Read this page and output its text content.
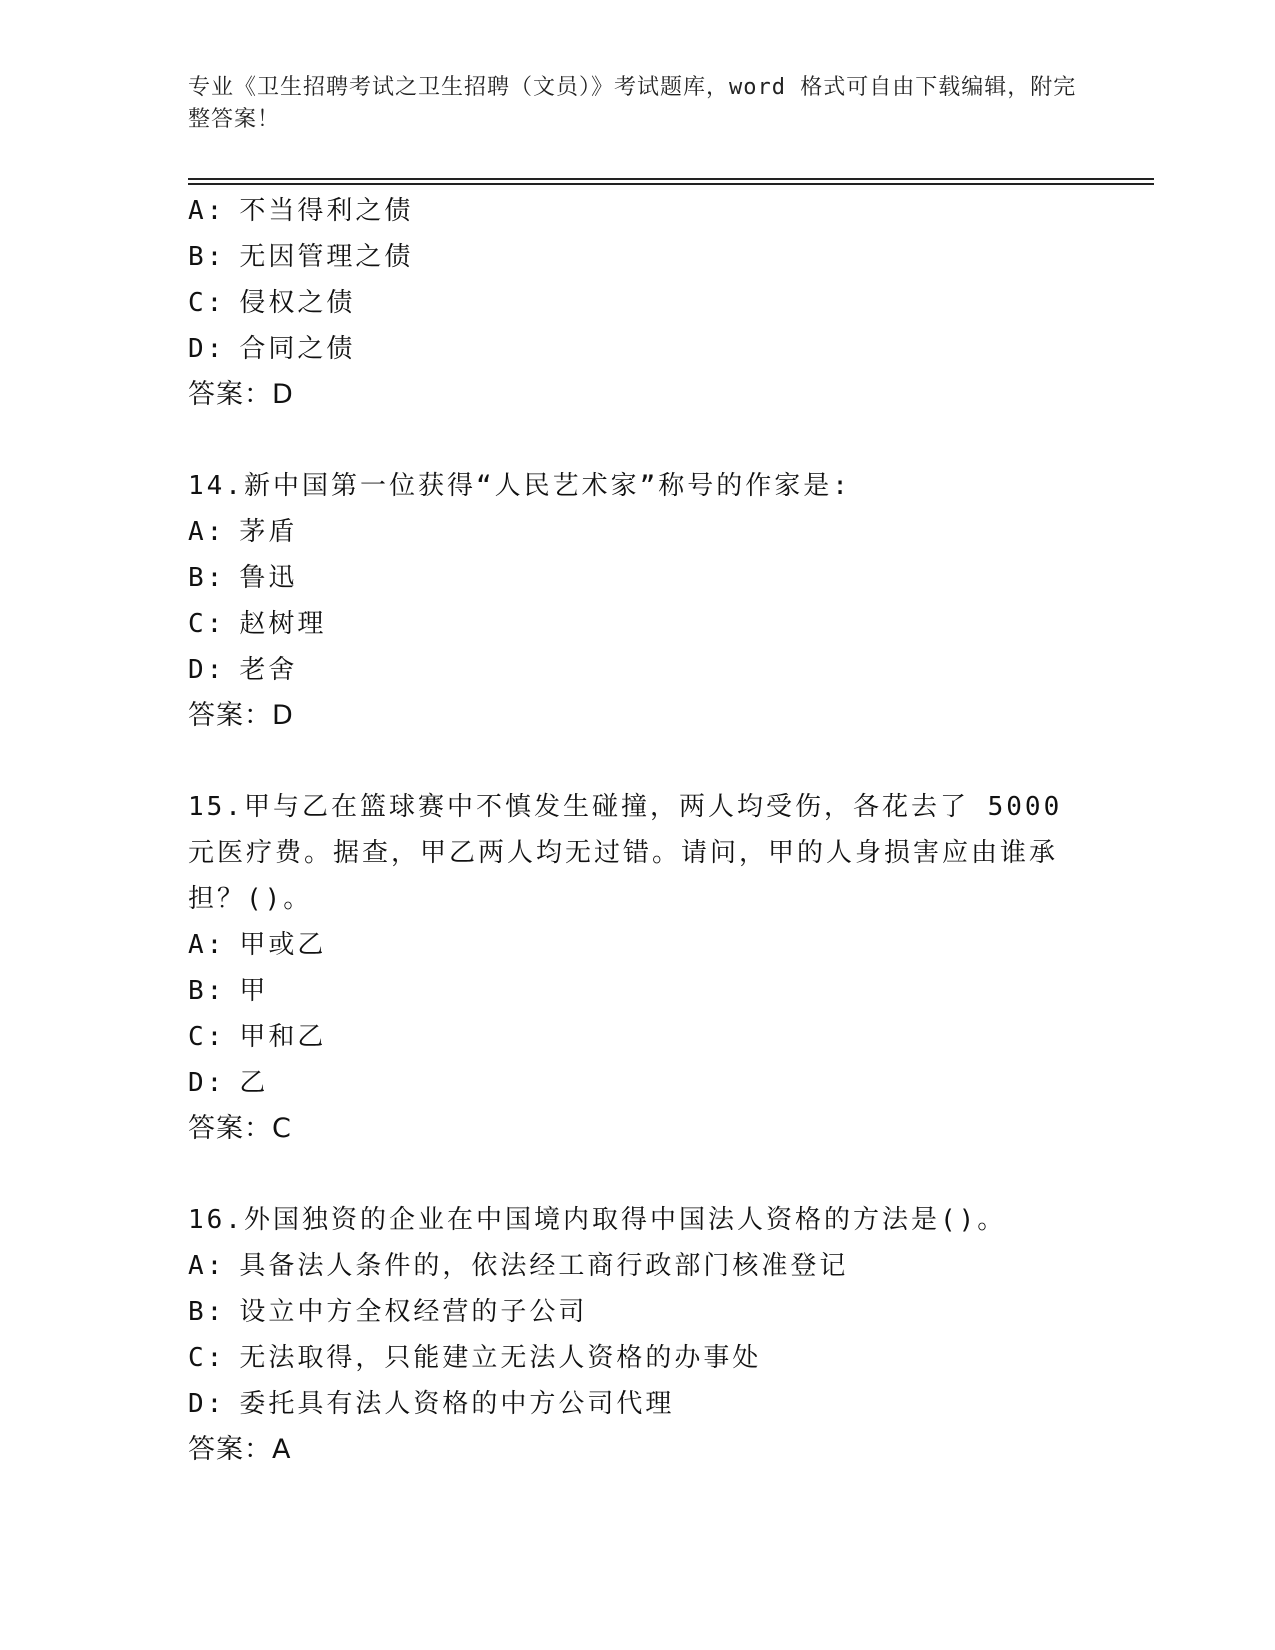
专业《卫生招聘考试之卫生招聘（文员）》考试题库，word 格式可自由下载编辑，附完整答案！
A: 不当得利之债
B: 无因管理之债
C: 侵权之债
D: 合同之债
答案：D
14.新中国第一位获得“人民艺术家”称号的作家是:
A: 茅盾
B: 鲁迅
C: 赵树理
D: 老舍
答案：D
15.甲与乙在篮球赛中不慎发生碰撞，两人均受伤，各花去了 5000 元医疗费。据查，甲乙两人均无过错。请问，甲的人身损害应由谁承担？()。
A: 甲或乙
B: 甲
C: 甲和乙
D: 乙
答案：C
16.外国独资的企业在中国境内取得中国法人资格的方法是()。
A: 具备法人条件的，依法经工商行政部门核准登记
B: 设立中方全权经营的子公司
C: 无法取得，只能建立无法人资格的办事处
D: 委托具有法人资格的中方公司代理
答案：A
